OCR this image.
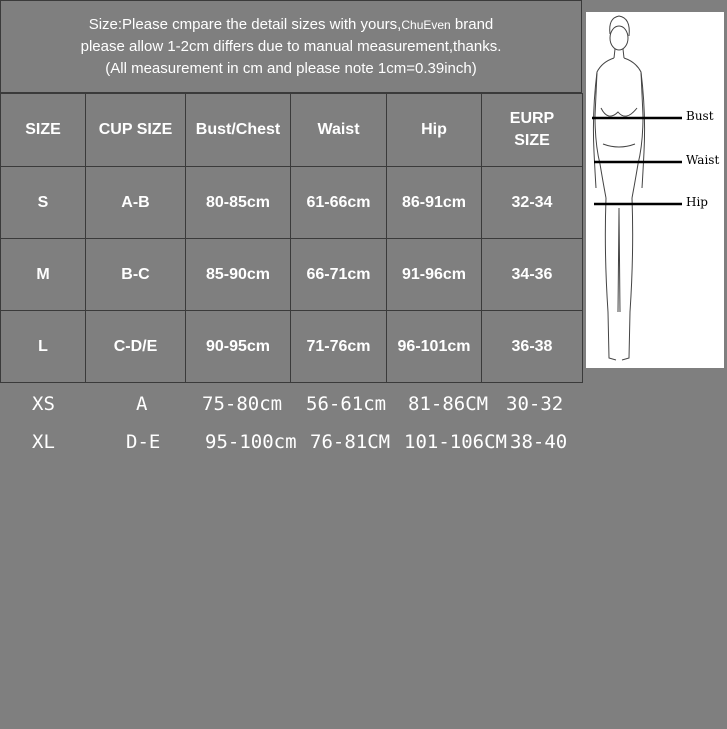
Size:Please cmpare the detail sizes with yours,ChuEven brand
please allow 1-2cm differs due to manual measurement,thanks.
(All measurement in cm and please note 1cm=0.39inch)
SIZE	CUP SIZE	Bust/Chest	Waist	Hip	EURP SIZE

S	A-B	80-85cm	61-66cm	86-91cm	32-34
M	B-C	85-90cm	66-71cm	91-96cm	34-36
L	C-D/E	90-95cm	71-76cm	96-101cm	36-38
XS	A	75-80cm 56-61cm 81-86CM 30-32
XL	D-E 95-100cm 76-81CM 101-106CM 38-40
Bust
Waist
Hip
